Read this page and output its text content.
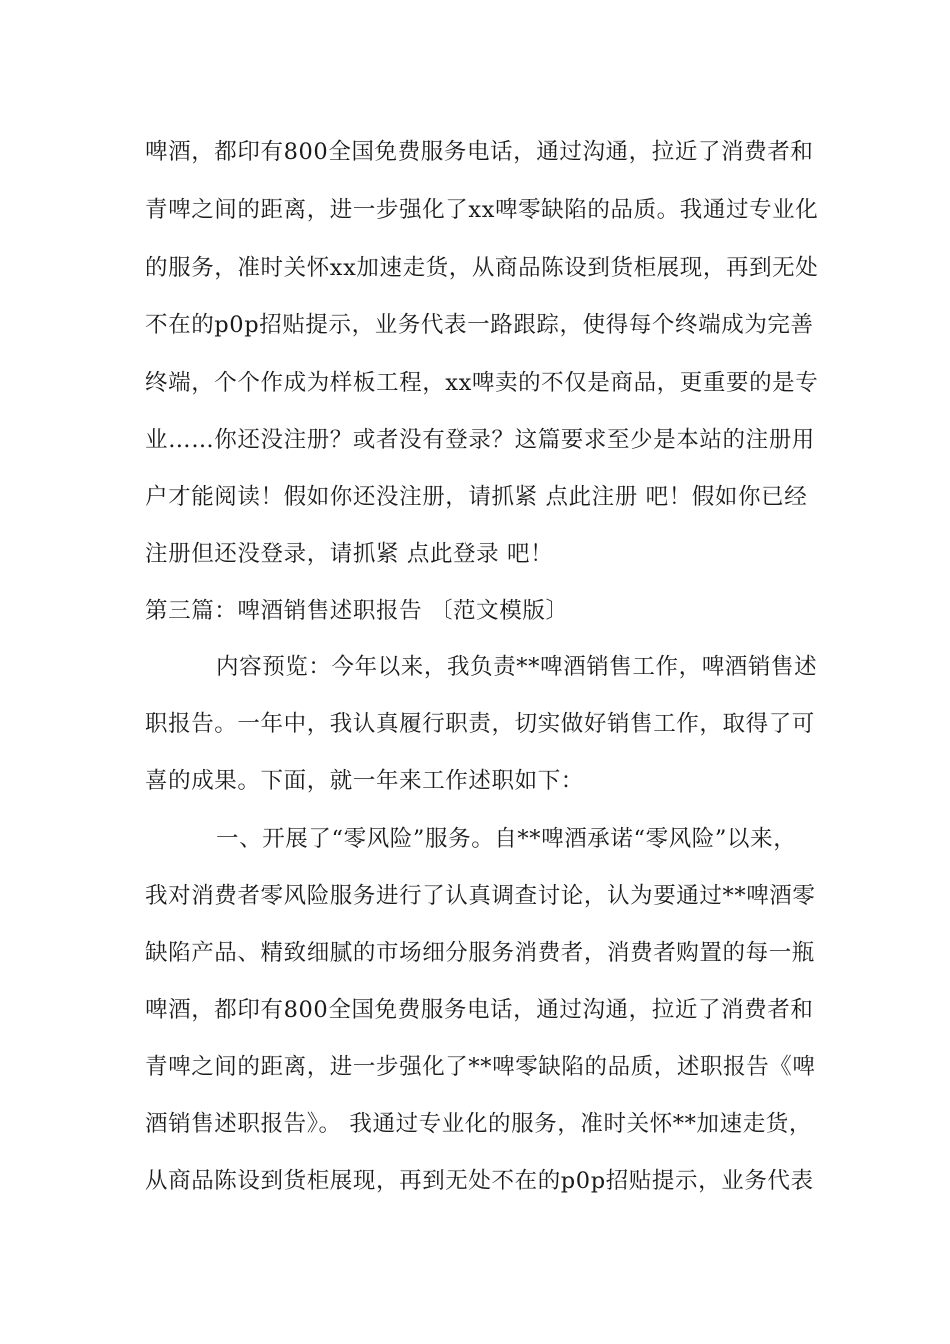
啤酒，都印有800全国免费服务电话，通过沟通，拉近了消费者和
青啤之间的距离，进一步强化了xx啤零缺陷的品质。我通过专业化
的服务，准时关怀xx加速走货，从商品陈设到货柜展现，再到无处
不在的p0p招贴提示，业务代表一路跟踪，使得每个终端成为完善
终端，个个作成为样板工程，xx啤卖的不仅是商品，更重要的是专
业……你还没注册？或者没有登录？这篇要求至少是本站的注册用
户才能阅读！假如你还没注册，请抓紧 点此注册 吧！假如你已经
注册但还没登录，请抓紧 点此登录 吧！
第三篇：啤酒销售述职报告 〔范文模版〕
内容预览：今年以来，我负责**啤酒销售工作，啤酒销售述
职报告。一年中，我认真履行职责，切实做好销售工作，取得了可
喜的成果。下面，就一年来工作述职如下：
一、开展了“零风险”服务。自**啤酒承诺“零风险”以来，
我对消费者零风险服务进行了认真调查讨论，认为要通过**啤酒零
缺陷产品、精致细腻的市场细分服务消费者，消费者购置的每一瓶
啤酒，都印有800全国免费服务电话，通过沟通，拉近了消费者和
青啤之间的距离，进一步强化了**啤零缺陷的品质，述职报告《啤
酒销售述职报告》。 我通过专业化的服务，准时关怀**加速走货，
从商品陈设到货柜展现，再到无处不在的p0p招贴提示，业务代表
